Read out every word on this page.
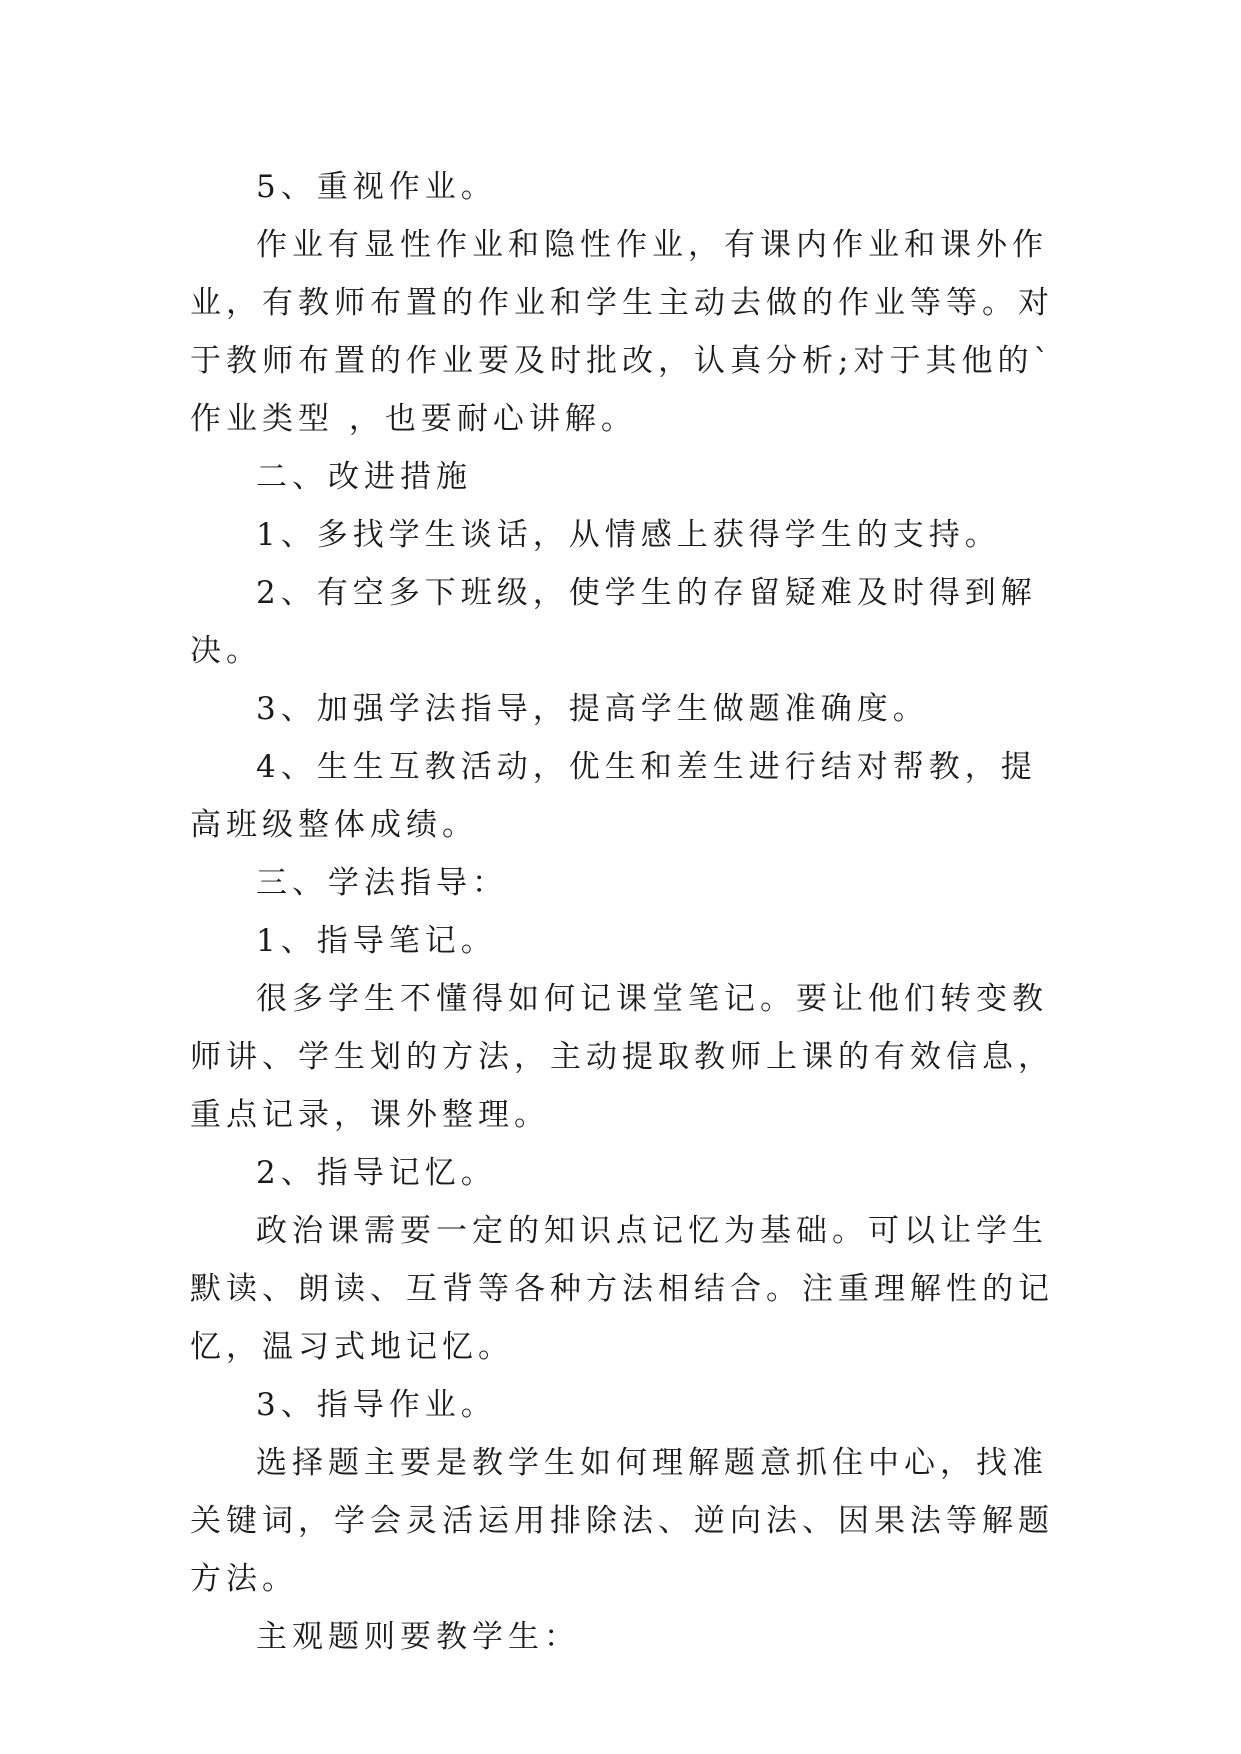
5、重视作业。

作业有显性作业和隐性作业，有课内作业和课外作业，有教师布置的作业和学生主动去做的作业等等。对于教师布置的作业要及时批改，认真分析;对于其他的`作业类型 ，也要耐心讲解。

二、改进措施

1、多找学生谈话，从情感上获得学生的支持。

2、有空多下班级，使学生的存留疑难及时得到解决。

3、加强学法指导，提高学生做题准确度。

4、生生互教活动，优生和差生进行结对帮教，提高班级整体成绩。

三、学法指导：

1、指导笔记。

很多学生不懂得如何记课堂笔记。要让他们转变教师讲、学生划的方法，主动提取教师上课的有效信息，重点记录，课外整理。

2、指导记忆。

政治课需要一定的知识点记忆为基础。可以让学生默读、朗读、互背等各种方法相结合。注重理解性的记忆，温习式地记忆。

3、指导作业。

选择题主要是教学生如何理解题意抓住中心，找准关键词，学会灵活运用排除法、逆向法、因果法等解题方法。

主观题则要教学生：
